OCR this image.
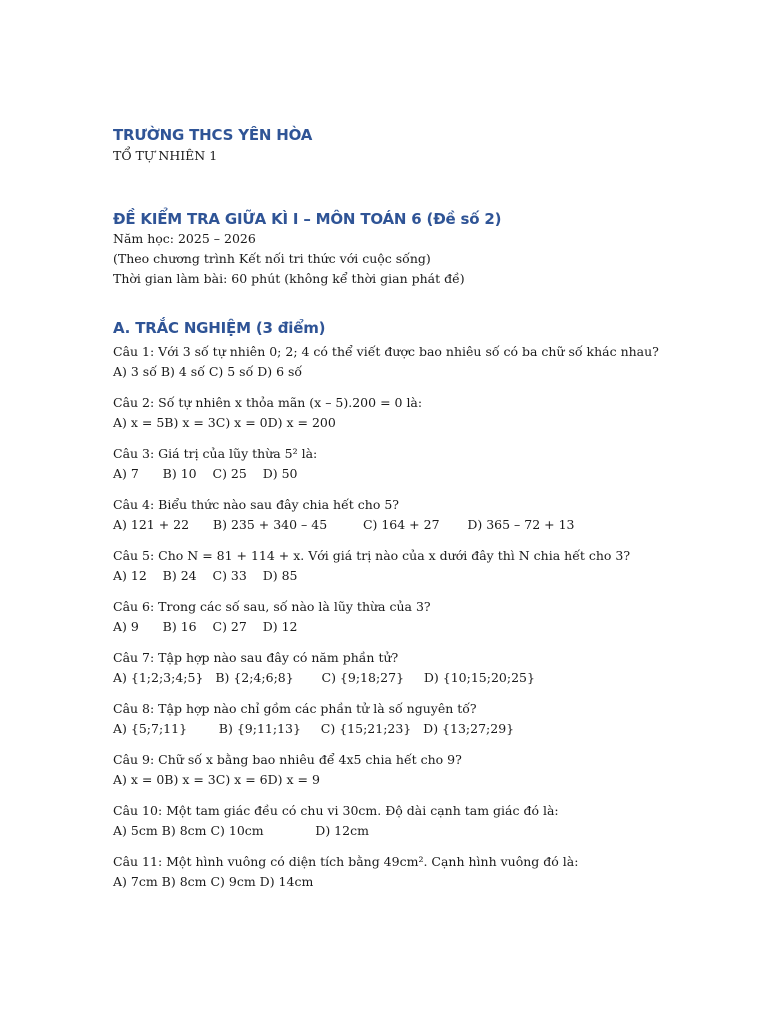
TRƯỜNG THCS YÊN HÒA

TỔ TỰ NHIÊN 1

ĐỀ KIỂM TRA GIỮA KÌ I – MÔN TOÁN 6 (Đề số 2)

Năm học: 2025 – 2026

(Theo chương trình Kết nối tri thức với cuộc sống)

Thời gian làm bài: 60 phút (không kể thời gian phát đề)

A. TRẮC NGHIỆM (3 điểm)

Câu 1: Với 3 số tự nhiên 0; 2; 4 có thể viết được bao nhiêu số có ba chữ số khác nhau?

A) 3 số B) 4 số C) 5 số D) 6 số

Câu 2: Số tự nhiên x thỏa mãn (x – 5).200 = 0 là:

A) x = 5B) x = 3C) x = 0D) x = 200

Câu 3: Giá trị của lũy thừa 5² là:

A) 7      B) 10    C) 25    D) 50

Câu 4: Biểu thức nào sau đây chia hết cho 5?

A) 121 + 22      B) 235 + 340 – 45         C) 164 + 27       D) 365 – 72 + 13

Câu 5: Cho N = 81 + 114 + x. Với giá trị nào của x dưới đây thì N chia hết cho 3?

A) 12    B) 24    C) 33    D) 85

Câu 6: Trong các số sau, số nào là lũy thừa của 3?

A) 9      B) 16    C) 27    D) 12

Câu 7: Tập hợp nào sau đây có năm phần tử?

A) {1;2;3;4;5}   B) {2;4;6;8}       C) {9;18;27}     D) {10;15;20;25}

Câu 8: Tập hợp nào chỉ gồm các phần tử là số nguyên tố?

A) {5;7;11}        B) {9;11;13}     C) {15;21;23}   D) {13;27;29}

Câu 9: Chữ số x bằng bao nhiêu để 4x5 chia hết cho 9?

A) x = 0B) x = 3C) x = 6D) x = 9

Câu 10: Một tam giác đều có chu vi 30cm. Độ dài cạnh tam giác đó là:

A) 5cm B) 8cm C) 10cm             D) 12cm

Câu 11: Một hình vuông có diện tích bằng 49cm². Cạnh hình vuông đó là:

A) 7cm B) 8cm C) 9cm D) 14cm
